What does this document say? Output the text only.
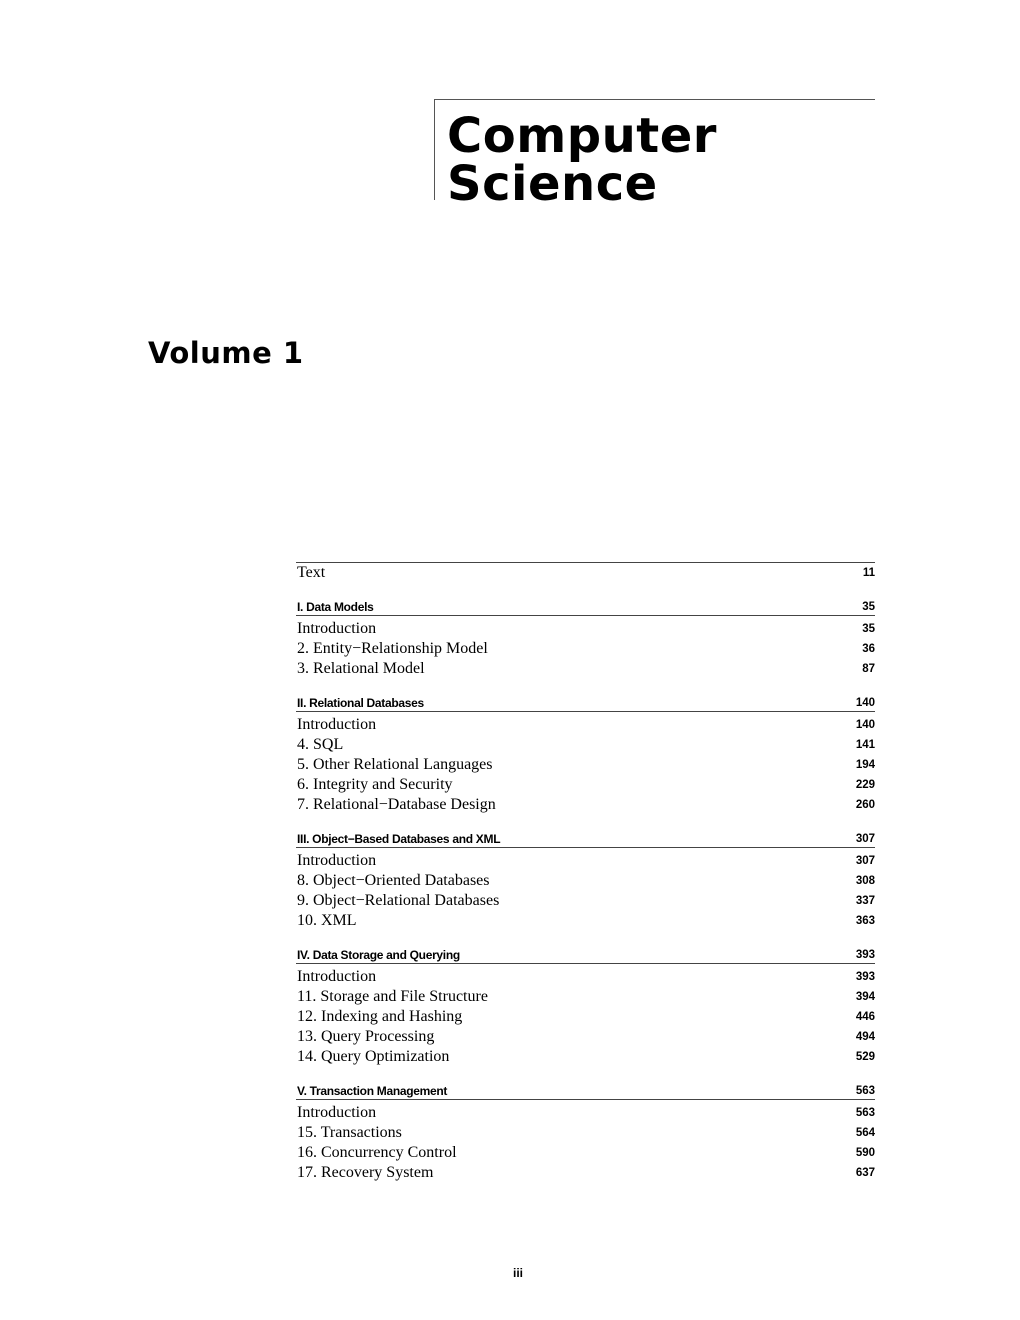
Computer
Science
Volume 1
Text	11
I. Data Models	35
Introduction	35
2. Entity−Relationship Model	36
3. Relational Model	87
II. Relational Databases	140
Introduction	140
4. SQL	141
5. Other Relational Languages	194
6. Integrity and Security	229
7. Relational−Database Design	260
III. Object−Based Databases and XML	307
Introduction	307
8. Object−Oriented Databases	308
9. Object−Relational Databases	337
10. XML	363
IV. Data Storage and Querying	393
Introduction	393
11. Storage and File Structure	394
12. Indexing and Hashing	446
13. Query Processing	494
14. Query Optimization	529
V. Transaction Management	563
Introduction	563
15. Transactions	564
16. Concurrency Control	590
17. Recovery System	637
iii
